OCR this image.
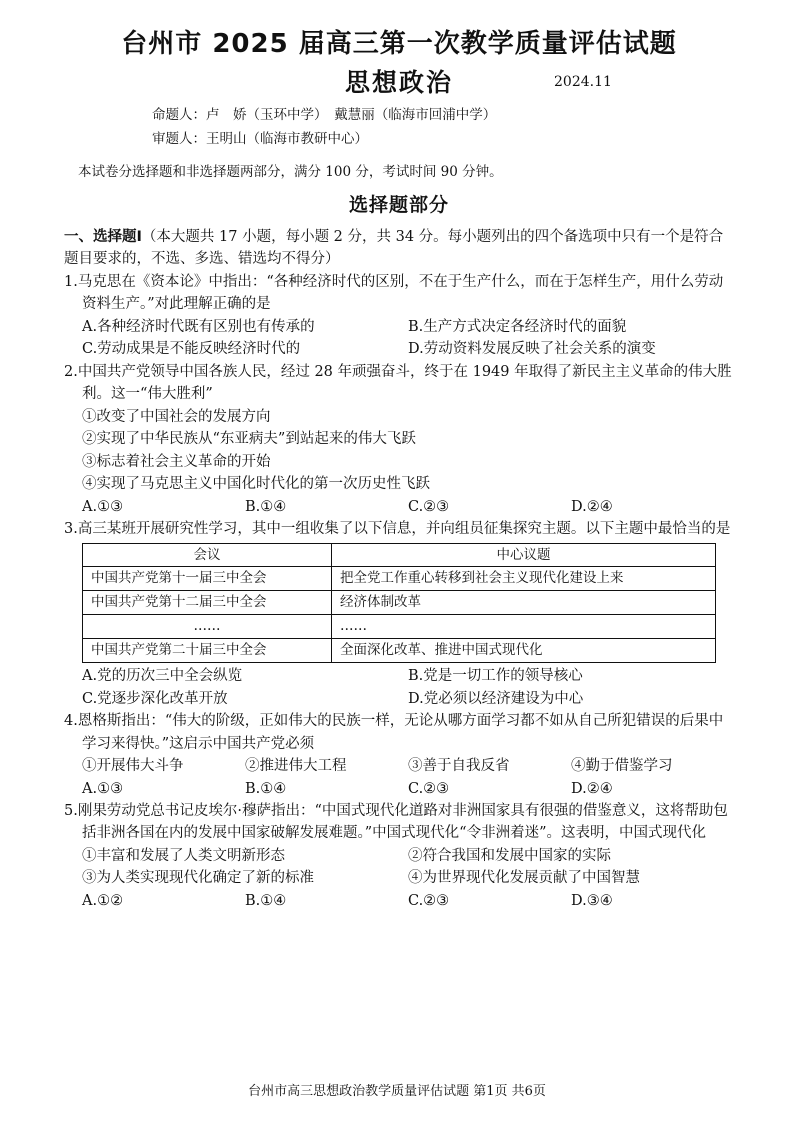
台州市 2025 届高三第一次教学质量评估试题
思想政治	2024.11
命题人：卢　娇（玉环中学）　戴慧丽（临海市回浦中学）
审题人：王明山（临海市教研中心）
本试卷分选择题和非选择题两部分，满分 100 分，考试时间 90 分钟。
选择题部分
一、选择题Ⅰ（本大题共 17 小题，每小题 2 分，共 34 分。每小题列出的四个备选项中只有一个是符合题目要求的，不选、多选、错选均不得分）
1.马克思在《资本论》中指出：“各种经济时代的区别，不在于生产什么，而在于怎样生产，用什么劳动资料生产。”对此理解正确的是
A.各种经济时代既有区别也有传承的	B.生产方式决定各经济时代的面貌
C.劳动成果是不能反映经济时代的	D.劳动资料发展反映了社会关系的演变
2.中国共产党领导中国各族人民，经过 28 年顽强奋斗，终于在 1949 年取得了新民主主义革命的伟大胜利。这一“伟大胜利”
①改变了中国社会的发展方向
②实现了中华民族从“东亚病夫”到站起来的伟大飞跃
③标志着社会主义革命的开始
④实现了马克思主义中国化时代化的第一次历史性飞跃
A.①③	B.①④	C.②③	D.②④
3.高三某班开展研究性学习，其中一组收集了以下信息，并向组员征集探究主题。以下主题中最恰当的是
会议	中心议题
中国共产党第十一届三中全会	把全党工作重心转移到社会主义现代化建设上来
中国共产党第十二届三中全会	经济体制改革
……	……
中国共产党第二十届三中全会	全面深化改革、推进中国式现代化
A.党的历次三中全会纵览	B.党是一切工作的领导核心
C.党逐步深化改革开放	D.党必须以经济建设为中心
4.恩格斯指出：“伟大的阶级，正如伟大的民族一样，无论从哪方面学习都不如从自己所犯错误的后果中学习来得快。”这启示中国共产党必须
①开展伟大斗争	②推进伟大工程	③善于自我反省	④勤于借鉴学习
A.①③	B.①④	C.②③	D.②④
5.刚果劳动党总书记皮埃尔·穆萨指出：“中国式现代化道路对非洲国家具有很强的借鉴意义，这将帮助包括非洲各国在内的发展中国家破解发展难题。”中国式现代化“令非洲着迷”。这表明，中国式现代化
①丰富和发展了人类文明新形态	②符合我国和发展中国家的实际
③为人类实现现代化确定了新的标准	④为世界现代化发展贡献了中国智慧
A.①②	B.①④	C.②③	D.③④
台州市高三思想政治教学质量评估试题 第1页 共6页
